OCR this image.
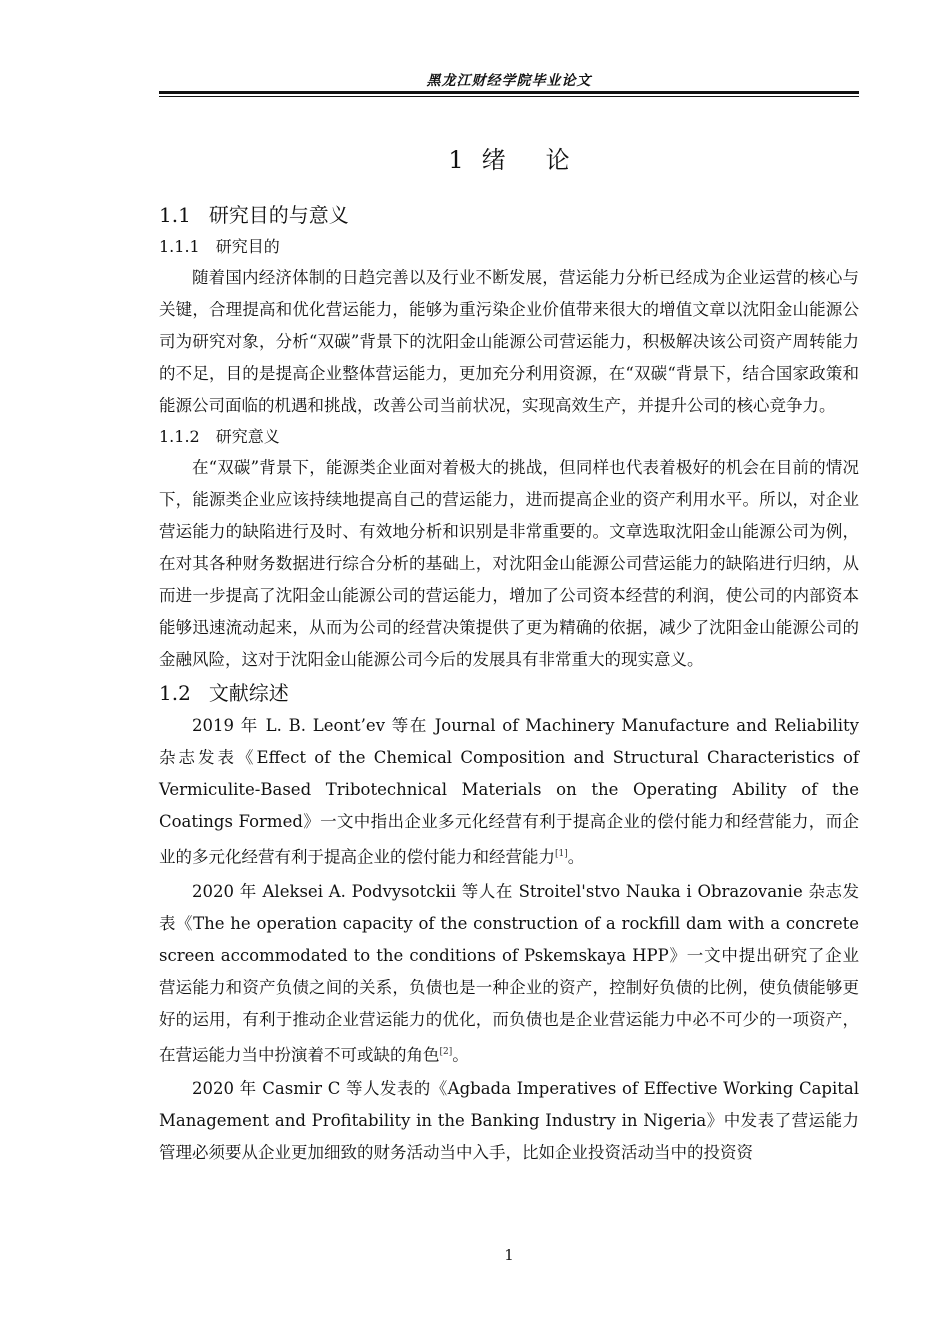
黑龙江财经学院毕业论文
1 绪 论
1.1 研究目的与意义
1.1.1 研究目的

随着国内经济体制的日趋完善以及行业不断发展，营运能力分析已经成为企业运营的核心与关键，合理提高和优化营运能力，能够为重污染企业价值带来很大的增值文章以沈阳金山能源公司为研究对象，分析“双碳”背景下的沈阳金山能源公司营运能力，积极解决该公司资产周转能力的不足，目的是提高企业整体营运能力，更加充分利用资源，在“双碳“背景下，结合国家政策和能源公司面临的机遇和挑战，改善公司当前状况，实现高效生产，并提升公司的核心竞争力。

1.1.2 研究意义

在“双碳”背景下，能源类企业面对着极大的挑战，但同样也代表着极好的机会在目前的情况下，能源类企业应该持续地提高自己的营运能力，进而提高企业的资产利用水平。所以，对企业营运能力的缺陷进行及时、有效地分析和识别是非常重要的。文章选取沈阳金山能源公司为例，在对其各种财务数据进行综合分析的基础上，对沈阳金山能源公司营运能力的缺陷进行归纳，从而进一步提高了沈阳金山能源公司的营运能力，增加了公司资本经营的利润，使公司的内部资本能够迅速流动起来，从而为公司的经营决策提供了更为精确的依据，减少了沈阳金山能源公司的金融风险，这对于沈阳金山能源公司今后的发展具有非常重大的现实意义。

1.2 文献综述

2019 年 L. B. Leont’ev 等在 Journal of Machinery Manufacture and Reliability 杂志发表《Effect of the Chemical Composition and Structural Characteristics of Vermiculite-Based Tribotechnical Materials on the Operating Ability of the Coatings Formed》一文中指出企业多元化经营有利于提高企业的偿付能力和经营能力，而企业的多元化经营有利于提高企业的偿付能力和经营能力[1]。

2020 年 Aleksei A. Podvysotckii 等人在 Stroitel'stvo Nauka i Obrazovanie 杂志发表《The he operation capacity of the construction of a rockfill dam with a concrete screen accommodated to the conditions of Pskemskaya HPP》一文中提出研究了企业营运能力和资产负债之间的关系，负债也是一种企业的资产，控制好负债的比例，使负债能够更好的运用，有利于推动企业营运能力的优化，而负债也是企业营运能力中必不可少的一项资产，在营运能力当中扮演着不可或缺的角色[2]。

2020 年 Casmir C 等人发表的《Agbada Imperatives of Effective Working Capital Management and Profitability in the Banking Industry in Nigeria》中发表了营运能力管理必须要从企业更加细致的财务活动当中入手，比如企业投资活动当中的投资资

1
